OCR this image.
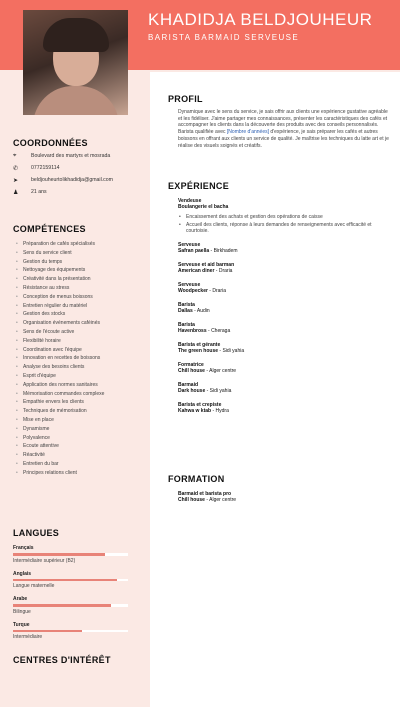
KHADIDJA BELDJOUHEUR
BARISTA BARMAID SERVEUSE
COORDONNÉES
⌖	Boulevard des martyrs et mosrada
✆	0772159114
➤	beldjouheurtolikhadidja@gmail.com
♟	21 ans
COMPÉTENCES
• Préparation de cafés spécialisés
• Sens du service client
• Gestion du temps
• Nettoyage des équipements
• Créativité dans la présentation
• Résistance au stress
• Conception de menus boissons
• Entretien régulier du matériel
• Gestion des stocks
• Organisation événements caféinés
• Sens de l'écoute active
• Flexibilité horaire
• Coordination avec l'équipe
• Innovation en recettes de boissons
• Analyse des besoins clients
• Esprit d'équipe
• Application des normes sanitaires
• Mémorisation commandes complexe
• Empathie envers les clients
• Techniques de mémorisation
• Mise en place
• Dynamisme
• Polyvalence
• Ecoute attentive
• Réactivité
• Entretien du bar
• Principes relations client
LANGUES
Français
Intermédiaire supérieur (B2)
Anglais
Langue maternelle
Arabe
Bilingue
Turque
Intermédiaire
CENTRES D'INTÉRÊT
PROFIL
Dynamique avec le sens du service, je sais offrir aux clients une expérience gustative agréable et les fidéliser. J'aime partager mes connaissances, présenter les caractéristiques des cafés et accompagner les clients dans la découverte des produits avec des conseils personnalisés.
Barista qualifiée avec [Nombre d'années] d'expérience, je sais préparer les cafés et autres boissons en offrant aux clients un service de qualité. Je maîtrise les techniques du latte art et je réalise des visuels soignés et créatifs.
EXPÉRIENCE
Vendeuse
Boulangerie el bacha
• Encaissement des achats et gestion des opérations de caisse
• Accueil des clients, réponse à leurs demandes de renseignements avec efficacité et courtoisie.
Serveuse
Safran paella - Birkhadem
Serveuse et aid barman
American diner - Draria
Serveuse
Woodpecker - Draria
Barista
Dallas - Audin
Barista
Havenbross - Cheraga
Barista et gérante
The green house - Sidi yahia
Formatrice
Chill house - Alger centre
Barmaid
Dark house - Sidi yahia
Barista et crepiste
Kahwa w ktab - Hydra
FORMATION
Barmaid et barista pro
Chill house - Alger centre
